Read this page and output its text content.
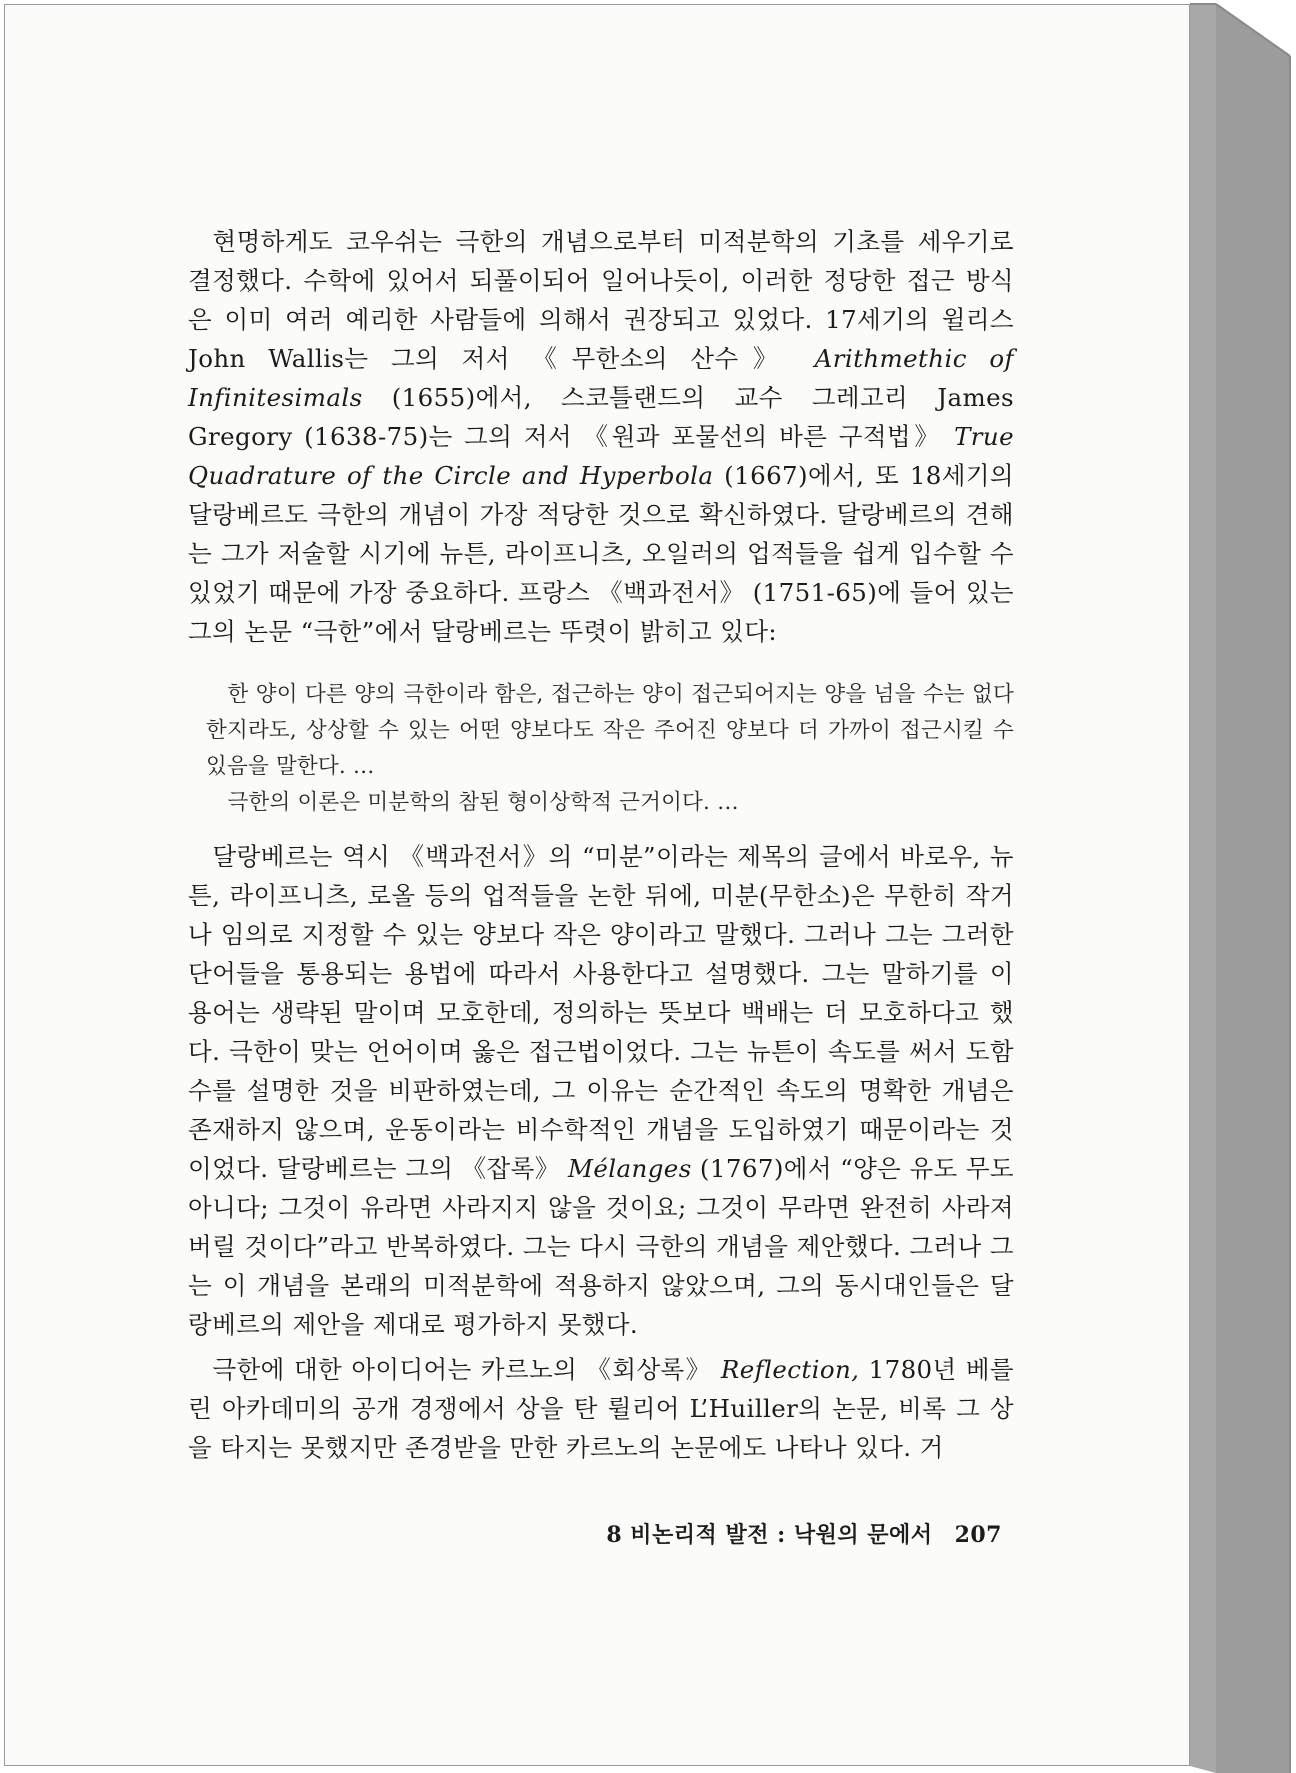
현명하게도 코우쉬는 극한의 개념으로부터 미적분학의 기초를 세우기로 결정했다. 수학에 있어서 되풀이되어 일어나듯이, 이러한 정당한 접근 방식은 이미 여러 예리한 사람들에 의해서 권장되고 있었다. 17세기의 윌리스 John Wallis는 그의 저서 《무한소의 산수》 Arithmethic of Infinitesimals (1655)에서, 스코틀랜드의 교수 그레고리 James Gregory (1638-75)는 그의 저서 《원과 포물선의 바른 구적법》 True Quadrature of the Circle and Hyperbola (1667)에서, 또 18세기의 달랑베르도 극한의 개념이 가장 적당한 것으로 확신하였다. 달랑베르의 견해는 그가 저술할 시기에 뉴튼, 라이프니츠, 오일러의 업적들을 쉽게 입수할 수 있었기 때문에 가장 중요하다. 프랑스 《백과전서》 (1751-65)에 들어 있는 그의 논문 “극한”에서 달랑베르는 뚜렷이 밝히고 있다:

한 양이 다른 양의 극한이라 함은, 접근하는 양이 접근되어지는 양을 넘을 수는 없다 한지라도, 상상할 수 있는 어떤 양보다도 작은 주어진 양보다 더 가까이 접근시킬 수 있음을 말한다. …

극한의 이론은 미분학의 참된 형이상학적 근거이다. …

달랑베르는 역시 《백과전서》의 “미분”이라는 제목의 글에서 바로우, 뉴튼, 라이프니츠, 로올 등의 업적들을 논한 뒤에, 미분(무한소)은 무한히 작거나 임의로 지정할 수 있는 양보다 작은 양이라고 말했다. 그러나 그는 그러한 단어들을 통용되는 용법에 따라서 사용한다고 설명했다. 그는 말하기를 이 용어는 생략된 말이며 모호한데, 정의하는 뜻보다 백배는 더 모호하다고 했다. 극한이 맞는 언어이며 옳은 접근법이었다. 그는 뉴튼이 속도를 써서 도함수를 설명한 것을 비판하였는데, 그 이유는 순간적인 속도의 명확한 개념은 존재하지 않으며, 운동이라는 비수학적인 개념을 도입하였기 때문이라는 것이었다. 달랑베르는 그의 《잡록》 Mélanges (1767)에서 “양은 유도 무도 아니다; 그것이 유라면 사라지지 않을 것이요; 그것이 무라면 완전히 사라져버릴 것이다”라고 반복하였다. 그는 다시 극한의 개념을 제안했다. 그러나 그는 이 개념을 본래의 미적분학에 적용하지 않았으며, 그의 동시대인들은 달랑베르의 제안을 제대로 평가하지 못했다.

극한에 대한 아이디어는 카르노의 《회상록》 Reflection, 1780년 베를린 아카데미의 공개 경쟁에서 상을 탄 륄리어 L’Huiller의 논문, 비록 그 상을 타지는 못했지만 존경받을 만한 카르노의 논문에도 나타나 있다. 거

8 비논리적 발전 : 낙원의 문에서 207
